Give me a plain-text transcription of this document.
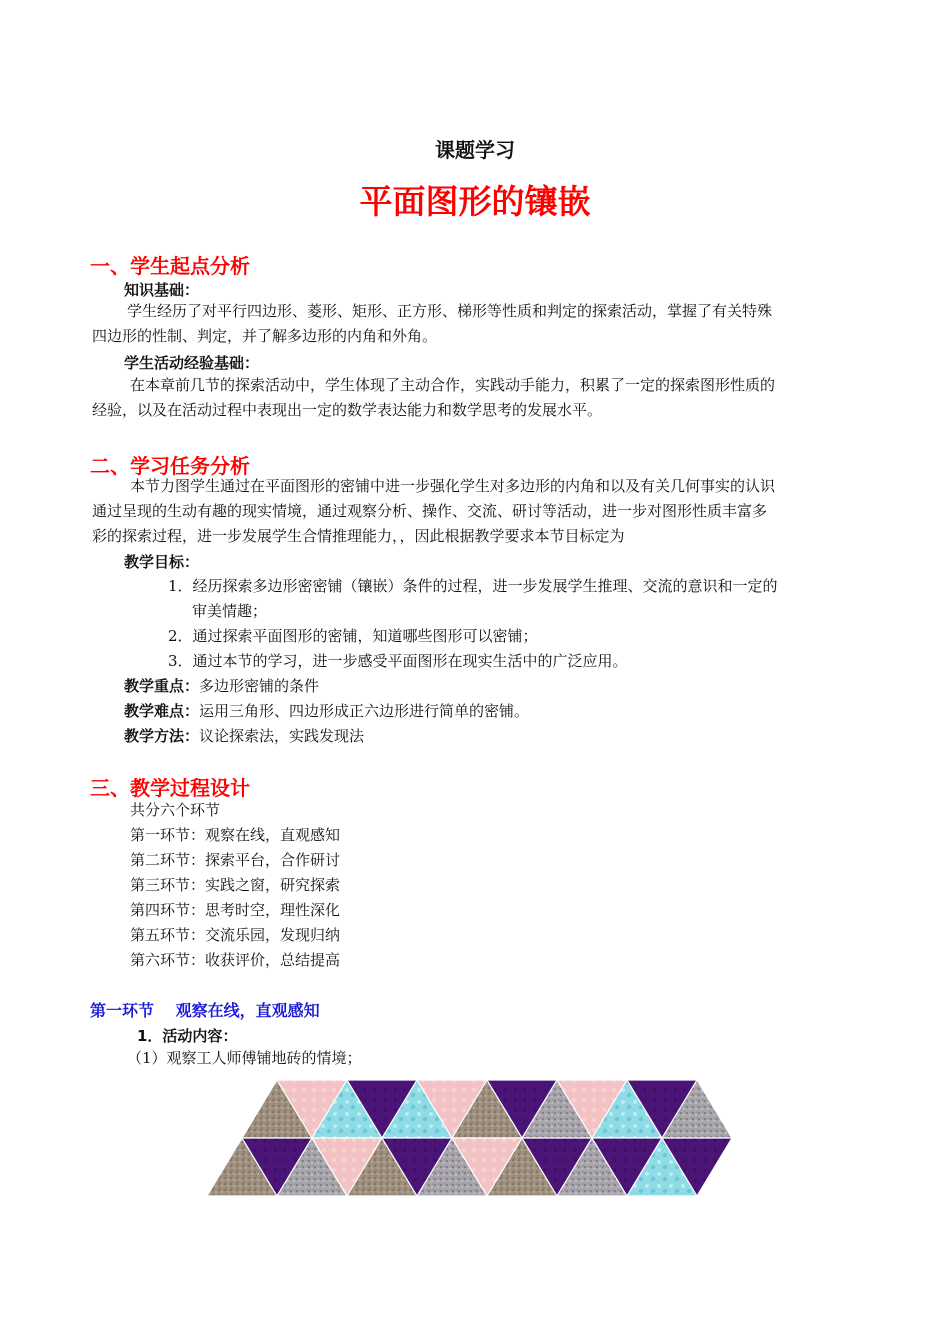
课题学习
平面图形的镶嵌
一、学生起点分析
知识基础：
学生经历了对平行四边形、菱形、矩形、正方形、梯形等性质和判定的探索活动，掌握了有关特殊
四边形的性制、判定，并了解多边形的内角和外角。
学生活动经验基础：
在本章前几节的探索活动中，学生体现了主动合作，实践动手能力，积累了一定的探索图形性质的
经验，以及在活动过程中表现出一定的数学表达能力和数学思考的发展水平。
二、学习任务分析
本节力图学生通过在平面图形的密铺中进一步强化学生对多边形的内角和以及有关几何事实的认识
通过呈现的生动有趣的现实情境，通过观察分析、操作、交流、研讨等活动，进一步对图形性质丰富多
彩的探索过程，进一步发展学生合情推理能力，，因此根据教学要求本节目标定为
教学目标：
1．经历探索多边形密密铺（镶嵌）条件的过程，进一步发展学生推理、交流的意识和一定的
审美情趣；
2．通过探索平面图形的密铺，知道哪些图形可以密铺；
3．通过本节的学习，进一步感受平面图形在现实生活中的广泛应用。
教学重点：多边形密铺的条件
教学难点：运用三角形、四边形成正六边形进行简单的密铺。
教学方法：议论探索法，实践发现法
三、教学过程设计
共分六个环节
第一环节：观察在线，直观感知
第二环节：探索平台，合作研讨
第三环节：实践之窗，研究探索
第四环节：思考时空，理性深化
第五环节：交流乐园，发现归纳
第六环节：收获评价，总结提高
第一环节　 观察在线，直观感知
1．活动内容：
（1）观察工人师傅铺地砖的情境；
